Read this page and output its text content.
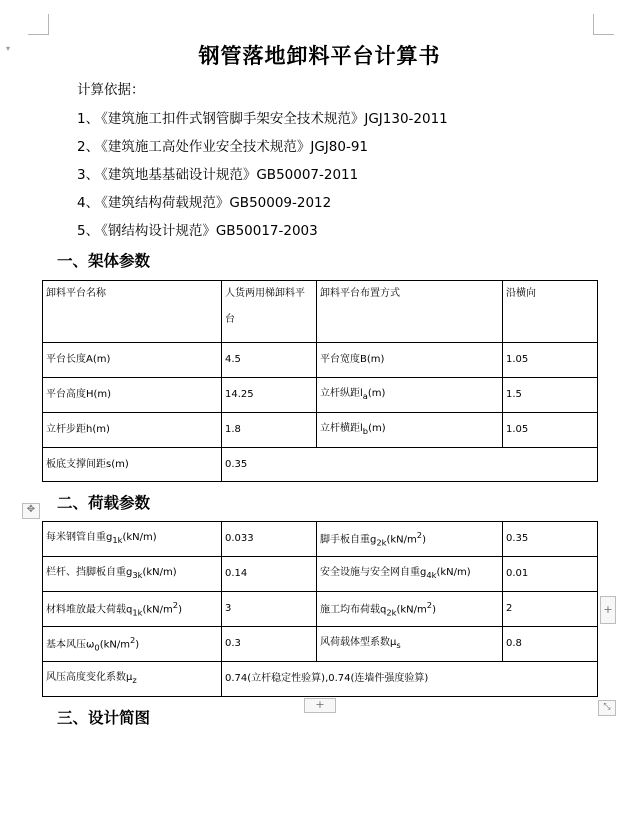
▾	钢管落地卸料平台计算书
计算依据：
1、 《建筑施工扣件式钢管脚手架安全技术规范》JGJ130-2011
2、 《建筑施工高处作业安全技术规范》JGJ80-91
3、 《建筑地基基础设计规范》GB50007-2011
4、 《建筑结构荷载规范》GB50009-2012
5、 《钢结构设计规范》GB50017-2003
一、架体参数
卸料平台名称	人货两用梯卸料平台	卸料平台布置方式	沿横向
平台长度A(m)	4.5	平台宽度B(m)	1.05
平台高度H(m)	14.25	立杆纵距$l_a(m)$	1.5
立杆步距h(m)	1.8	立杆横距$l_b(m)$	1.05
板底支撑间距s(m)	0.35		
二、荷载参数
✥
每米钢管自重$g_{1k}(kN/m)$	0.033	脚手板自重$g_{2k}(kN/m^2)$	0.35
栏杆、挡脚板自重$g_{3k}(kN/m)$	0.14	安全设施与安全网自重$g_{4k}(kN/m)$	0.01
材料堆放最大荷载$q_{1k}(kN/m^2)$	3	施工均布荷载$q_{2k}(kN/m^2)$	2
基本风压$\omega_0(kN/m^2)$	0.3	风荷载体型系数$\mu_s$	0.8
风压高度变化系数$\mu_z$	0.74(立杆稳定性验算),0.74(连墙件强度验算)		
+
+	⤡
三、设计简图
